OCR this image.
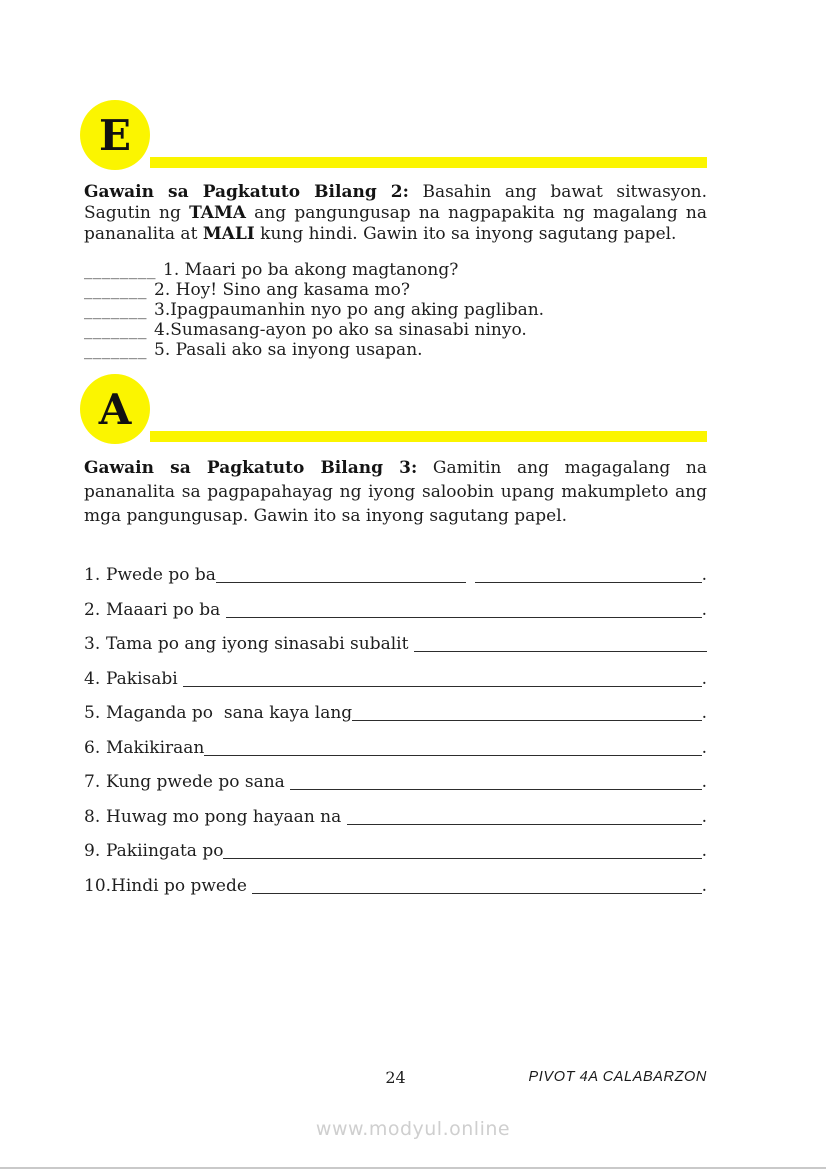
E

Gawain sa Pagkatuto Bilang 2: Basahin ang bawat sitwasyon. Sagutin ng TAMA ang pangungusap na nagpapakita ng magalang na pananalita at MALI kung hindi. Gawin ito sa inyong sagutang papel.

________ 1. Maari po ba akong magtanong?
_______ 2. Hoy! Sino ang kasama mo?
_______ 3.Ipagpaumanhin nyo po ang aking pagliban.
_______ 4.Sumasang-ayon po ako sa sinasabi ninyo.
_______ 5. Pasali ako sa inyong usapan.
A

Gawain sa Pagkatuto Bilang 3: Gamitin ang magagalang na pananalita sa pagpapahayag ng iyong saloobin upang makumpleto ang mga pangungusap. Gawin ito sa inyong sagutang papel.

1. Pwede po ba	.
2. Maaari po ba	.
3. Tama po ang iyong sinasabi subalit
4. Pakisabi	.
5. Maganda po  sana kaya lang	.
6. Makikiraan	.
7. Kung pwede po sana	.
8. Huwag mo pong hayaan na	.
9. Pakiingata po	.
10. Hindi po pwede	.
24	PIVOT 4A CALABARZON
www.modyul.online
